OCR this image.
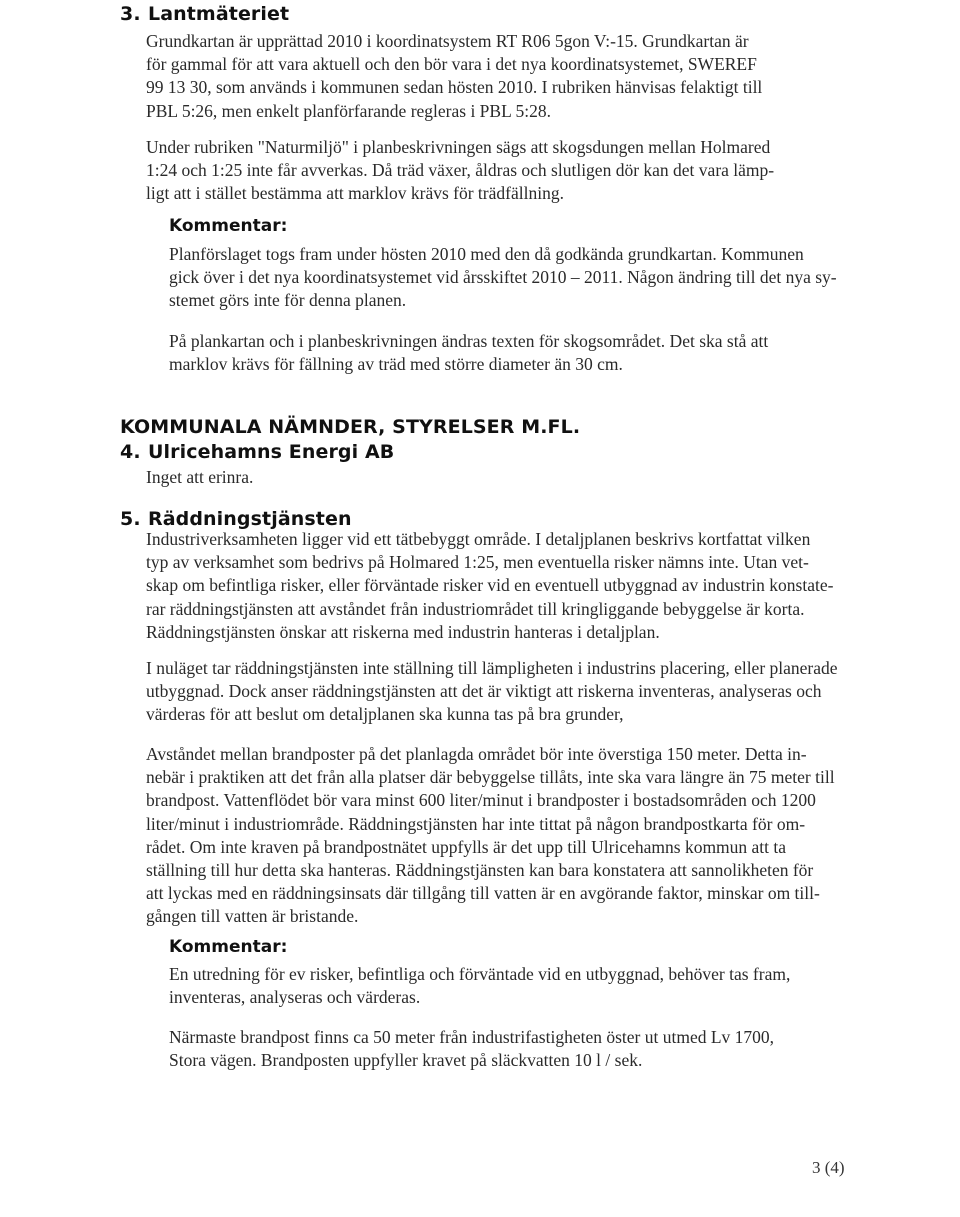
3. Lantmäteriet
Grundkartan är upprättad 2010 i koordinatsystem RT R06 5gon V:-15. Grundkartan är
för gammal för att vara aktuell och den bör vara i det nya koordinatsystemet, SWEREF
99 13 30, som används i kommunen sedan hösten 2010. I rubriken hänvisas felaktigt till
PBL 5:26, men enkelt planförfarande regleras i PBL 5:28.
Under rubriken "Naturmiljö" i planbeskrivningen sägs att skogsdungen mellan Holmared
1:24 och 1:25 inte får avverkas. Då träd växer, åldras och slutligen dör kan det vara lämp-
ligt att i stället bestämma att marklov krävs för trädfällning.
Kommentar:
Planförslaget togs fram under hösten 2010 med den då godkända grundkartan. Kommunen
gick över i det nya koordinatsystemet vid årsskiftet 2010 – 2011. Någon ändring till det nya sy-
stemet görs inte för denna planen.
På plankartan och i planbeskrivningen ändras texten för skogsområdet. Det ska stå att
marklov krävs för fällning av träd med större diameter än 30 cm.
KOMMUNALA NÄMNDER, STYRELSER M.FL.
4. Ulricehamns Energi AB
Inget att erinra.
5. Räddningstjänsten
Industriverksamheten ligger vid ett tätbebyggt område. I detaljplanen beskrivs kortfattat vilken
typ av verksamhet som bedrivs på Holmared 1:25, men eventuella risker nämns inte. Utan vet-
skap om befintliga risker, eller förväntade risker vid en eventuell utbyggnad av industrin konstate-
rar räddningstjänsten att avståndet från industriområdet till kringliggande bebyggelse är korta.
Räddningstjänsten önskar att riskerna med industrin hanteras i detaljplan.
I nuläget tar räddningstjänsten inte ställning till lämpligheten i industrins placering, eller planerade
utbyggnad. Dock anser räddningstjänsten att det är viktigt att riskerna inventeras, analyseras och
värderas för att beslut om detaljplanen ska kunna tas på bra grunder,
Avståndet mellan brandposter på det planlagda området bör inte överstiga 150 meter. Detta in-
nebär i praktiken att det från alla platser där bebyggelse tillåts, inte ska vara längre än 75 meter till
brandpost. Vattenflödet bör vara minst 600 liter/minut i brandposter i bostadsområden och 1200
liter/minut i industriområde. Räddningstjänsten har inte tittat på någon brandpostkarta för om-
rådet. Om inte kraven på brandpostnätet uppfylls är det upp till Ulricehamns kommun att ta
ställning till hur detta ska hanteras. Räddningstjänsten kan bara konstatera att sannolikheten för
att lyckas med en räddningsinsats där tillgång till vatten är en avgörande faktor, minskar om till-
gången till vatten är bristande.
Kommentar:
En utredning för ev risker, befintliga och förväntade vid en utbyggnad, behöver tas fram,
inventeras, analyseras och värderas.
Närmaste brandpost finns ca 50 meter från industrifastigheten öster ut utmed Lv 1700,
Stora vägen. Brandposten uppfyller kravet på släckvatten 10 l / sek.
3 (4)
